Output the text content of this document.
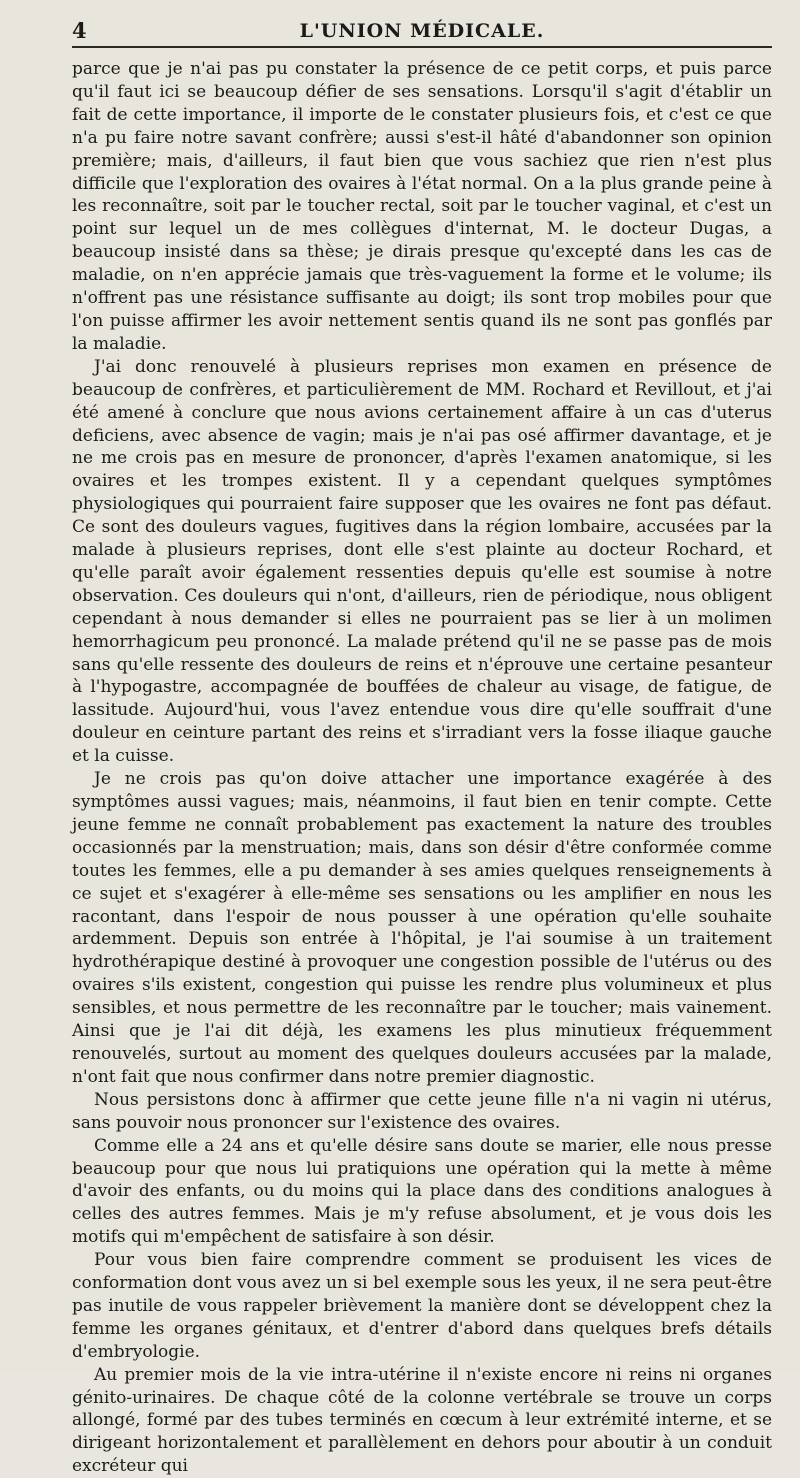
4	L'UNION MÉDICALE.

parce que je n'ai pas pu constater la présence de ce petit corps, et puis parce qu'il faut ici se beaucoup défier de ses sensations. Lorsqu'il s'agit d'établir un fait de cette importance, il importe de le constater plusieurs fois, et c'est ce que n'a pu faire notre savant confrère; aussi s'est-il hâté d'abandonner son opinion première; mais, d'ailleurs, il faut bien que vous sachiez que rien n'est plus difficile que l'exploration des ovaires à l'état normal. On a la plus grande peine à les reconnaître, soit par le toucher rectal, soit par le toucher vaginal, et c'est un point sur lequel un de mes collègues d'internat, M. le docteur Dugas, a beaucoup insisté dans sa thèse; je dirais presque qu'excepté dans les cas de maladie, on n'en apprécie jamais que très-vaguement la forme et le volume; ils n'offrent pas une résistance suffisante au doigt; ils sont trop mobiles pour que l'on puisse affirmer les avoir nettement sentis quand ils ne sont pas gonflés par la maladie.

J'ai donc renouvelé à plusieurs reprises mon examen en présence de beaucoup de confrères, et particulièrement de MM. Rochard et Revillout, et j'ai été amené à conclure que nous avions certainement affaire à un cas d'uterus deficiens, avec absence de vagin; mais je n'ai pas osé affirmer davantage, et je ne me crois pas en mesure de prononcer, d'après l'examen anatomique, si les ovaires et les trompes existent. Il y a cependant quelques symptômes physiologiques qui pourraient faire supposer que les ovaires ne font pas défaut. Ce sont des douleurs vagues, fugitives dans la région lombaire, accusées par la malade à plusieurs reprises, dont elle s'est plainte au docteur Rochard, et qu'elle paraît avoir également ressenties depuis qu'elle est soumise à notre observation. Ces douleurs qui n'ont, d'ailleurs, rien de périodique, nous obligent cependant à nous demander si elles ne pourraient pas se lier à un molimen hemorrhagicum peu prononcé. La malade prétend qu'il ne se passe pas de mois sans qu'elle ressente des douleurs de reins et n'éprouve une certaine pesanteur à l'hypogastre, accompagnée de bouffées de chaleur au visage, de fatigue, de lassitude. Aujourd'hui, vous l'avez entendue vous dire qu'elle souffrait d'une douleur en ceinture partant des reins et s'irradiant vers la fosse iliaque gauche et la cuisse.

Je ne crois pas qu'on doive attacher une importance exagérée à des symptômes aussi vagues; mais, néanmoins, il faut bien en tenir compte. Cette jeune femme ne connaît probablement pas exactement la nature des troubles occasionnés par la menstruation; mais, dans son désir d'être conformée comme toutes les femmes, elle a pu demander à ses amies quelques renseignements à ce sujet et s'exagérer à elle-même ses sensations ou les amplifier en nous les racontant, dans l'espoir de nous pousser à une opération qu'elle souhaite ardemment. Depuis son entrée à l'hôpital, je l'ai soumise à un traitement hydrothérapique destiné à provoquer une congestion possible de l'utérus ou des ovaires s'ils existent, congestion qui puisse les rendre plus volumineux et plus sensibles, et nous permettre de les reconnaître par le toucher; mais vainement. Ainsi que je l'ai dit déjà, les examens les plus minutieux fréquemment renouvelés, surtout au moment des quelques douleurs accusées par la malade, n'ont fait que nous confirmer dans notre premier diagnostic.

Nous persistons donc à affirmer que cette jeune fille n'a ni vagin ni utérus, sans pouvoir nous prononcer sur l'existence des ovaires.

Comme elle a 24 ans et qu'elle désire sans doute se marier, elle nous presse beaucoup pour que nous lui pratiquions une opération qui la mette à même d'avoir des enfants, ou du moins qui la place dans des conditions analogues à celles des autres femmes. Mais je m'y refuse absolument, et je vous dois les motifs qui m'empêchent de satisfaire à son désir.

Pour vous bien faire comprendre comment se produisent les vices de conformation dont vous avez un si bel exemple sous les yeux, il ne sera peut-être pas inutile de vous rappeler brièvement la manière dont se développent chez la femme les organes génitaux, et d'entrer d'abord dans quelques brefs détails d'embryologie.

Au premier mois de la vie intra-utérine il n'existe encore ni reins ni organes génito-urinaires. De chaque côté de la colonne vertébrale se trouve un corps allongé, formé par des tubes terminés en cœcum à leur extrémité interne, et se dirigeant horizontalement et parallèlement en dehors pour aboutir à un conduit excréteur qui
